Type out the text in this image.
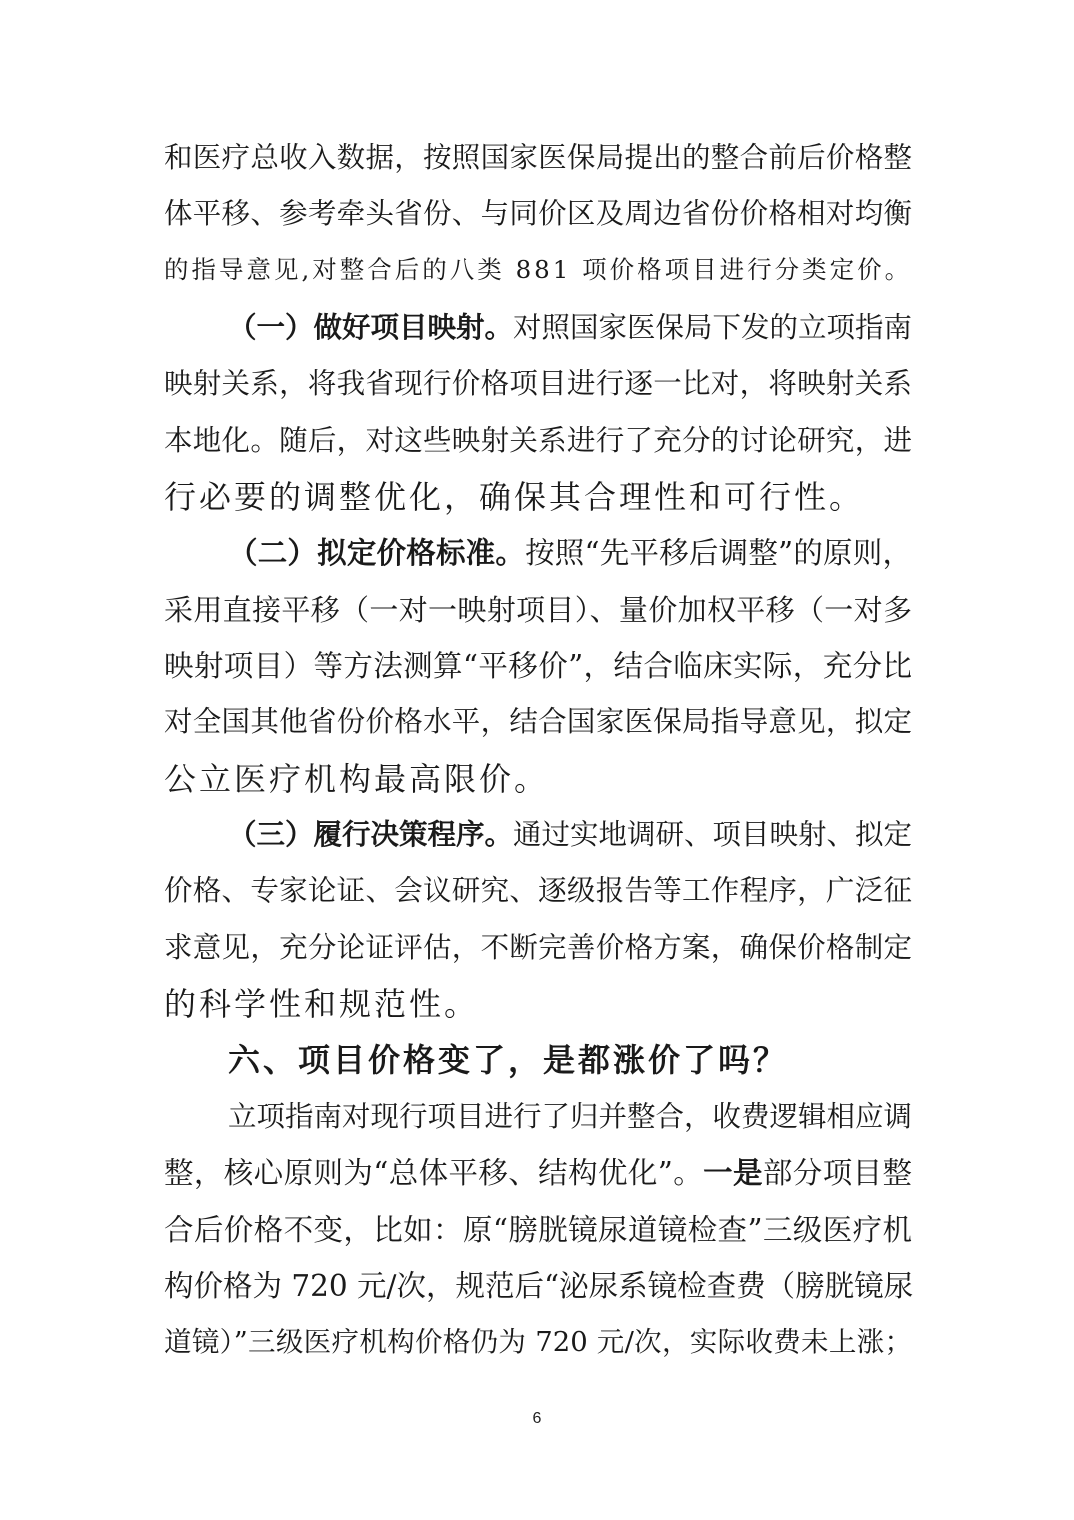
和医疗总收入数据，按照国家医保局提出的整合前后价格整
体平移、参考牵头省份、与同价区及周边省份价格相对均衡
的指导意见,对整合后的八类 881 项价格项目进行分类定价。
（一）做好项目映射。对照国家医保局下发的立项指南
映射关系，将我省现行价格项目进行逐一比对，将映射关系
本地化。随后，对这些映射关系进行了充分的讨论研究，进
行必要的调整优化，确保其合理性和可行性。
（二）拟定价格标准。按照“先平移后调整”的原则，
采用直接平移（一对一映射项目）、量价加权平移（一对多
映射项目）等方法测算“平移价”，结合临床实际，充分比
对全国其他省份价格水平，结合国家医保局指导意见，拟定
公立医疗机构最高限价。
（三）履行决策程序。通过实地调研、项目映射、拟定
价格、专家论证、会议研究、逐级报告等工作程序，广泛征
求意见，充分论证评估，不断完善价格方案，确保价格制定
的科学性和规范性。
六、项目价格变了，是都涨价了吗？
立项指南对现行项目进行了归并整合，收费逻辑相应调
整，核心原则为“总体平移、结构优化”。一是部分项目整
合后价格不变，比如：原“膀胱镜尿道镜检查”三级医疗机
构价格为 720 元/次，规范后“泌尿系镜检查费（膀胱镜尿
道镜）”三级医疗机构价格仍为 720 元/次，实际收费未上涨；
6
